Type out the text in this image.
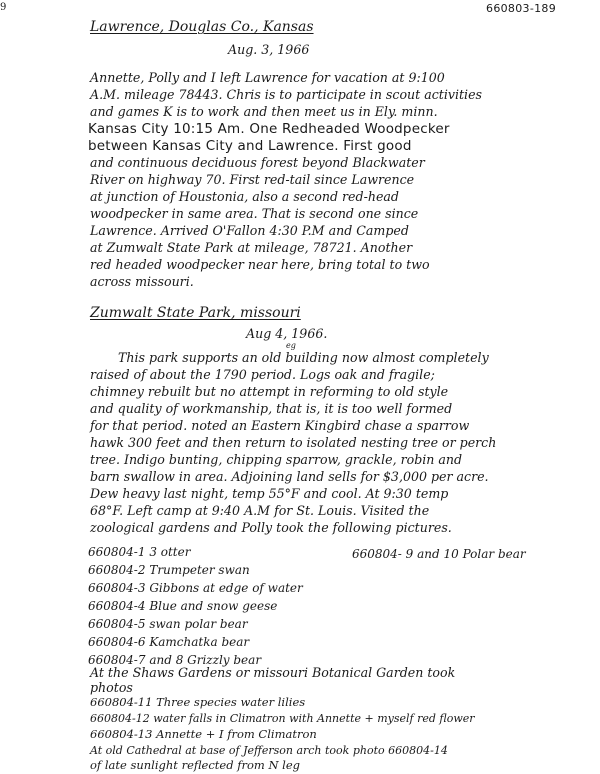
660803-189
9
Lawrence, Douglas Co., Kansas
Aug. 3, 1966
Annette, Polly and I left Lawrence for vacation at 9:100
A.M. mileage 78443. Chris is to participate in scout activities
and games K is to work and then meet us in Ely. minn.
Kansas City 10:15 Am. One Redheaded Woodpecker
between Kansas City and Lawrence. First good
and continuous deciduous forest beyond Blackwater
River on highway 70. First red-tail since Lawrence
at junction of Houstonia, also a second red-head
woodpecker in same area. That is second one since
Lawrence. Arrived O'Fallon 4:30 P.M and Camped
at Zumwalt State Park at mileage, 78721. Another
red headed woodpecker near here, bring total to two
across missouri.
Zumwalt State Park, missouri
Aug 4, 1966.
eg
This park supports an old building now almost completely
raised of about the 1790 period. Logs oak and fragile;
chimney rebuilt but no attempt in reforming to old style
and quality of workmanship, that is, it is too well formed
for that period. noted an Eastern Kingbird chase a sparrow
hawk 300 feet and then return to isolated nesting tree or perch
tree. Indigo bunting, chipping sparrow, grackle, robin and
barn swallow in area. Adjoining land sells for $3,000 per acre.
Dew heavy last night, temp 55°F and cool. At 9:30 temp
68°F. Left camp at 9:40 A.M for St. Louis. Visited the
zoological gardens and Polly took the following pictures.
660804-1 3 otter
660804-2 Trumpeter swan
660804-3 Gibbons at edge of water
660804-4 Blue and snow geese
660804-5 swan polar bear
660804-6 Kamchatka bear
660804-7 and 8 Grizzly bear
660804- 9 and 10 Polar bear
At the Shaws Gardens or missouri Botanical Garden took
photos
660804-11 Three species water lilies
660804-12 water falls in Climatron with Annette + myself red flower
660804-13 Annette + I from Climatron
At old Cathedral at base of Jefferson arch took photo 660804-14
of late sunlight reflected from N leg
